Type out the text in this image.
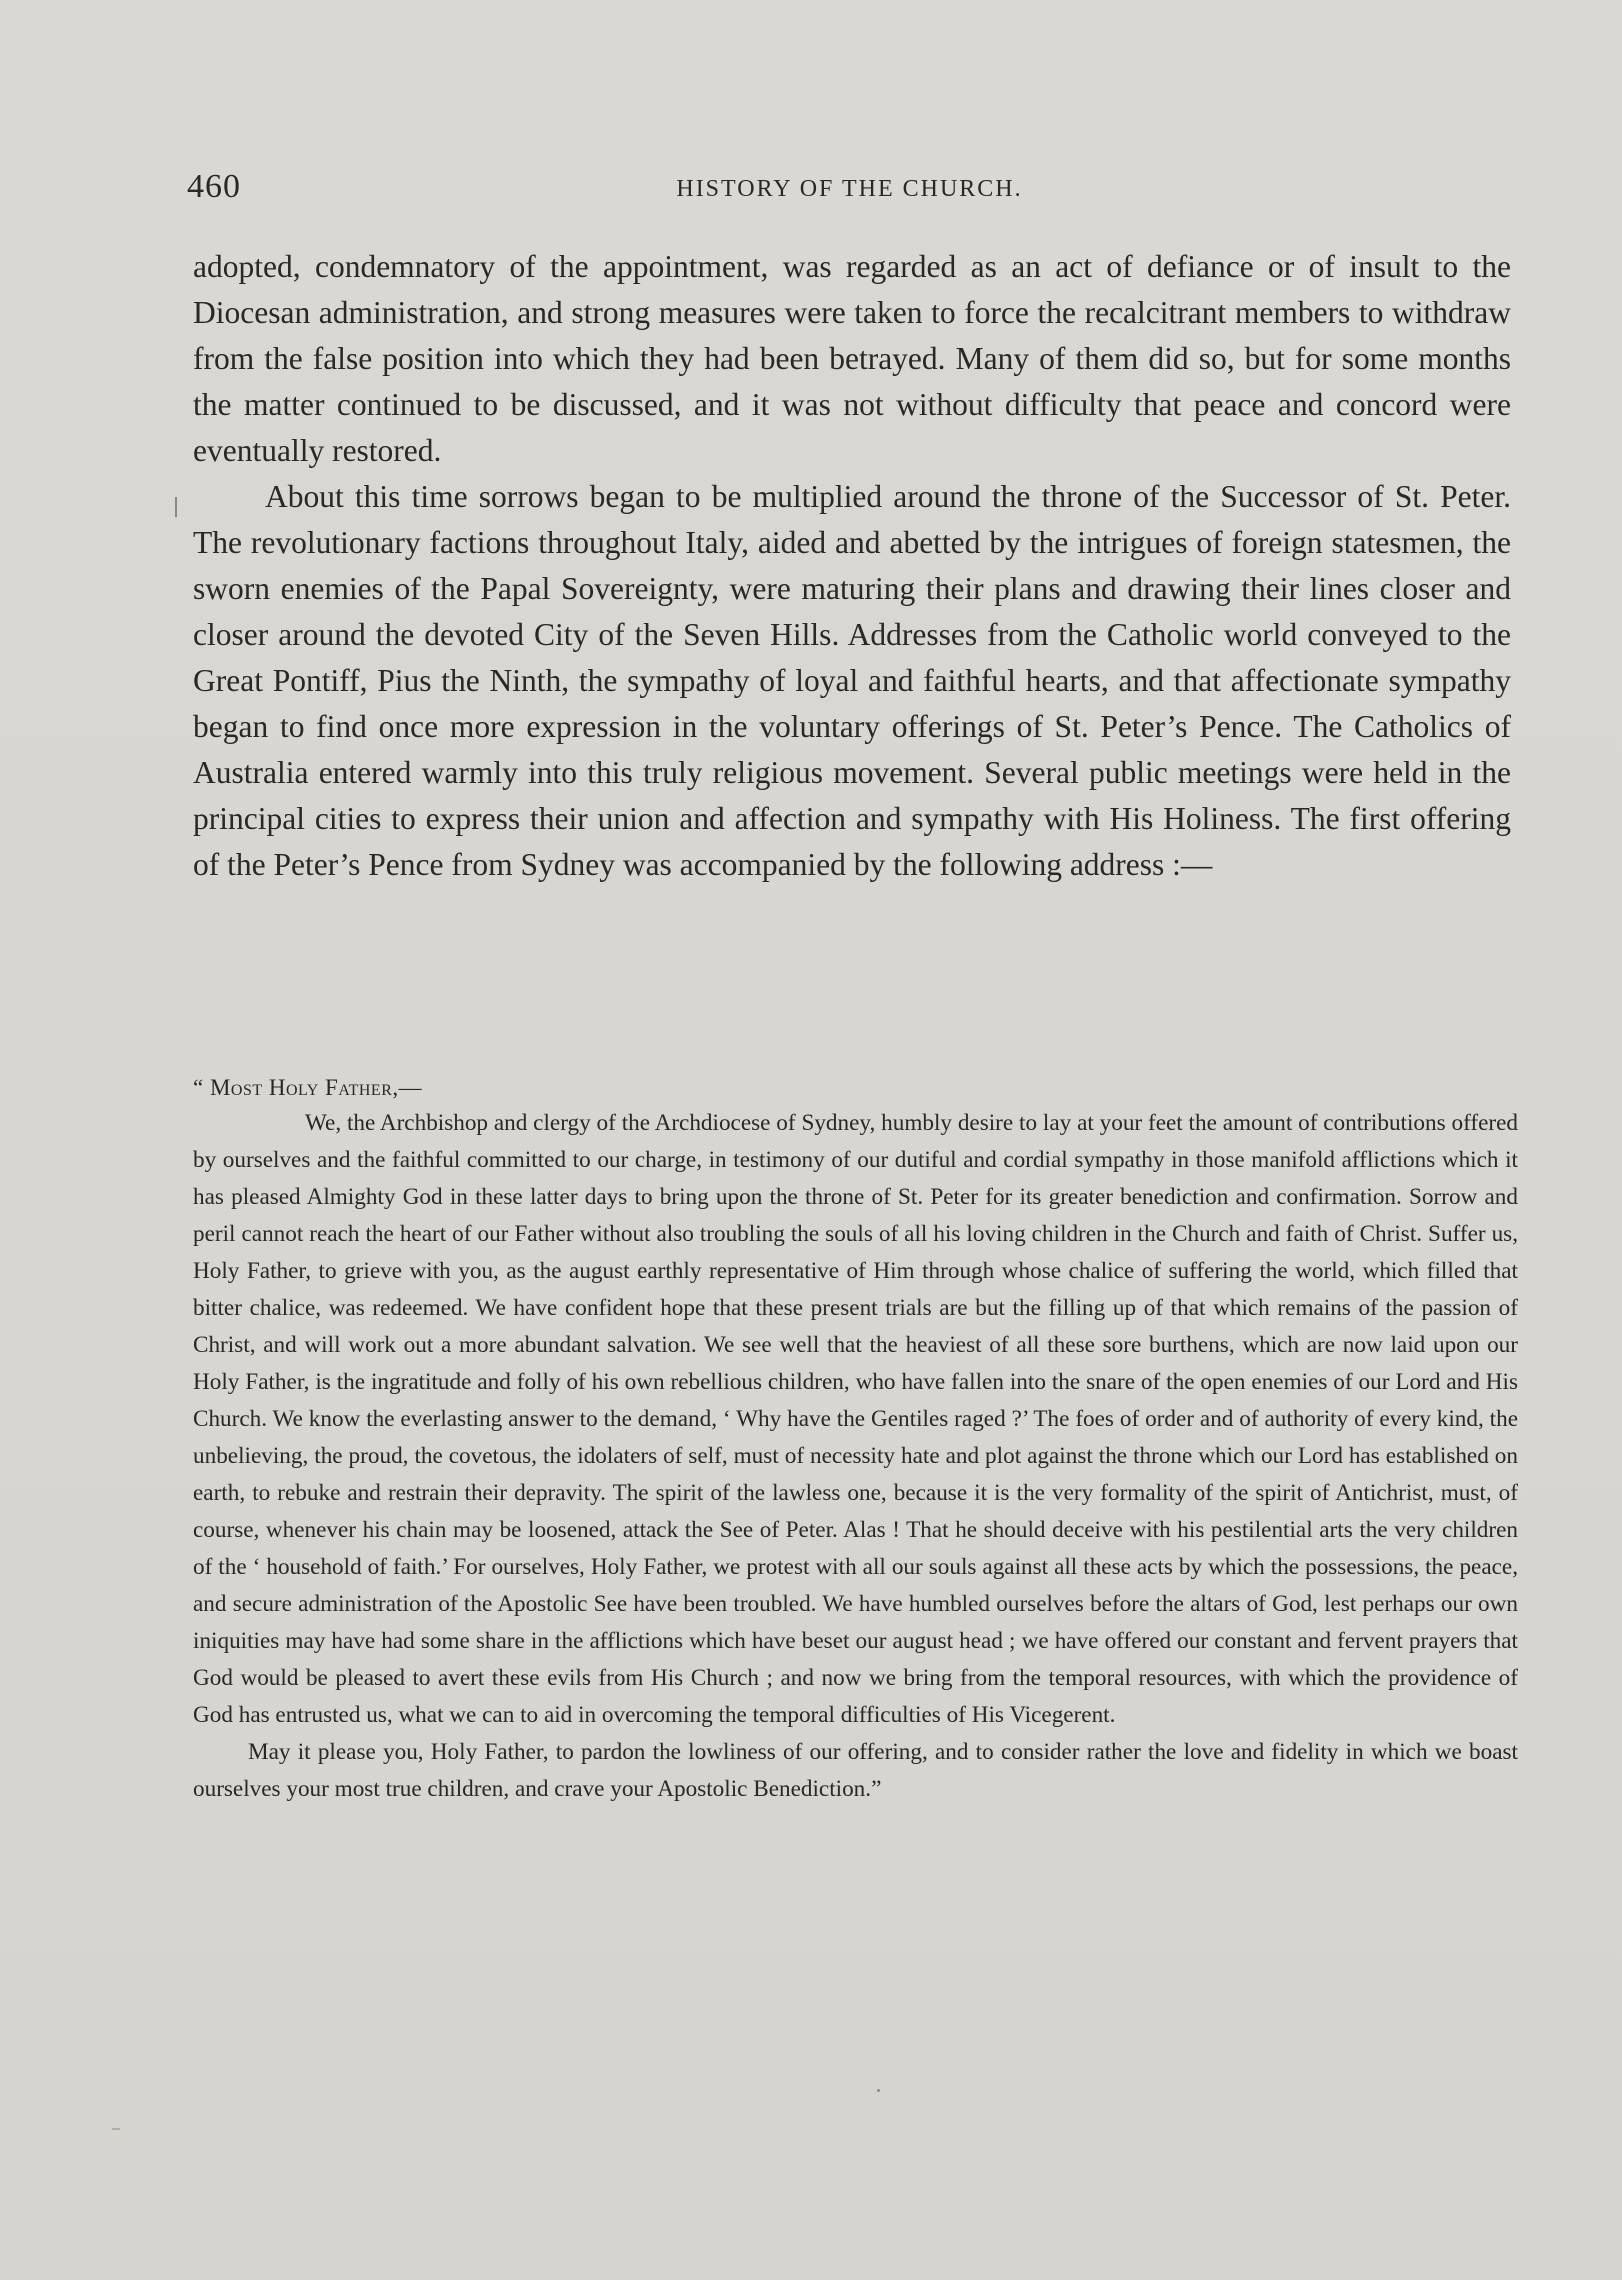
460	HISTORY OF THE CHURCH.

adopted, condemnatory of the appointment, was regarded as an act of defiance or of insult to the Diocesan administration, and strong measures were taken to force the recalcitrant members to withdraw from the false position into which they had been betrayed. Many of them did so, but for some months the matter continued to be discussed, and it was not without difficulty that peace and concord were eventually restored.

About this time sorrows began to be multiplied around the throne of the Successor of St. Peter. The revolutionary factions throughout Italy, aided and abetted by the intrigues of foreign statesmen, the sworn enemies of the Papal Sovereignty, were maturing their plans and drawing their lines closer and closer around the devoted City of the Seven Hills. Addresses from the Catholic world conveyed to the Great Pontiff, Pius the Ninth, the sympathy of loyal and faithful hearts, and that affectionate sympathy began to find once more expression in the voluntary offerings of St. Peter’s Pence. The Catholics of Australia entered warmly into this truly religious movement. Several public meetings were held in the principal cities to express their union and affection and sympathy with His Holiness. The first offering of the Peter’s Pence from Sydney was accompanied by the following address :—

“ Most Holy Father,—

We, the Archbishop and clergy of the Archdiocese of Sydney, humbly desire to lay at your feet the amount of contributions offered by ourselves and the faithful committed to our charge, in testimony of our dutiful and cordial sympathy in those manifold afflictions which it has pleased Almighty God in these latter days to bring upon the throne of St. Peter for its greater benediction and confirmation. Sorrow and peril cannot reach the heart of our Father without also troubling the souls of all his loving children in the Church and faith of Christ. Suffer us, Holy Father, to grieve with you, as the august earthly representative of Him through whose chalice of suffering the world, which filled that bitter chalice, was redeemed. We have confident hope that these present trials are but the filling up of that which remains of the passion of Christ, and will work out a more abundant salvation. We see well that the heaviest of all these sore burthens, which are now laid upon our Holy Father, is the ingratitude and folly of his own rebellious children, who have fallen into the snare of the open enemies of our Lord and His Church. We know the everlasting answer to the demand, ‘ Why have the Gentiles raged ?’ The foes of order and of authority of every kind, the unbelieving, the proud, the covetous, the idolaters of self, must of necessity hate and plot against the throne which our Lord has established on earth, to rebuke and restrain their depravity. The spirit of the lawless one, because it is the very formality of the spirit of Antichrist, must, of course, whenever his chain may be loosened, attack the See of Peter. Alas ! That he should deceive with his pestilential arts the very children of the ‘ household of faith.’ For ourselves, Holy Father, we protest with all our souls against all these acts by which the possessions, the peace, and secure administration of the Apostolic See have been troubled. We have humbled ourselves before the altars of God, lest perhaps our own iniquities may have had some share in the afflictions which have beset our august head ; we have offered our constant and fervent prayers that God would be pleased to avert these evils from His Church ; and now we bring from the temporal resources, with which the providence of God has entrusted us, what we can to aid in overcoming the temporal difficulties of His Vicegerent.

May it please you, Holy Father, to pardon the lowliness of our offering, and to consider rather the love and fidelity in which we boast ourselves your most true children, and crave your Apostolic Benediction.”
